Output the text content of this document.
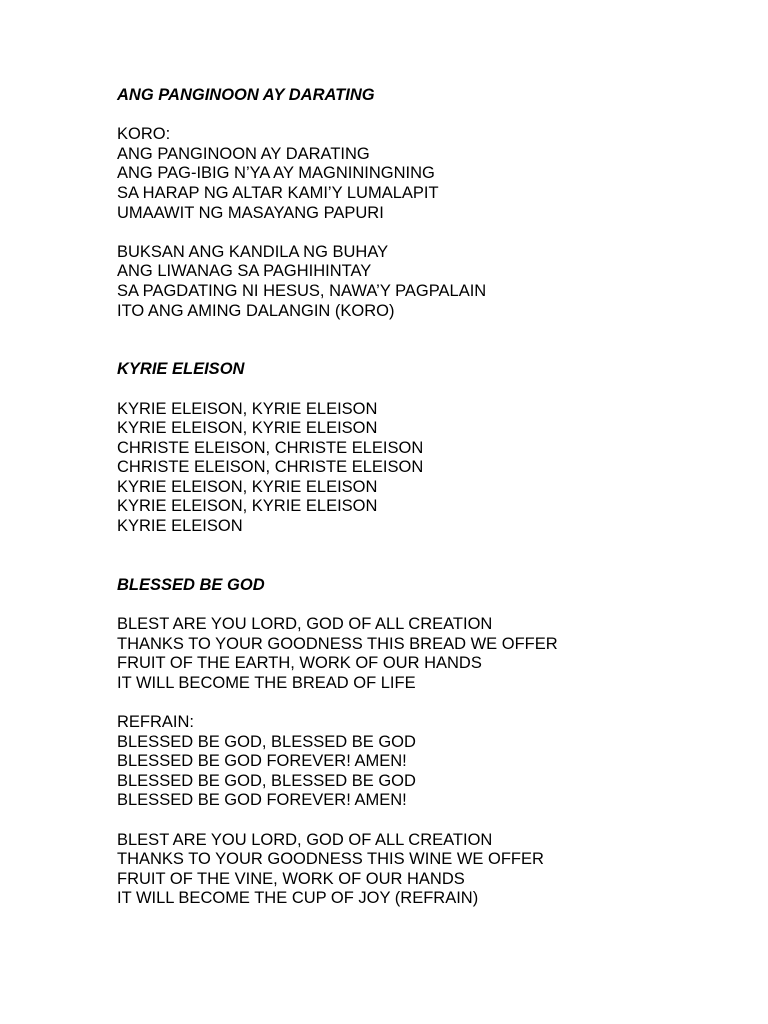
ANG PANGINOON AY DARATING
KORO:
ANG PANGINOON AY DARATING
ANG PAG-IBIG N’YA AY MAGNININGNING
SA HARAP NG ALTAR KAMI’Y LUMALAPIT
UMAAWIT NG MASAYANG PAPURI
BUKSAN ANG KANDILA NG BUHAY
ANG LIWANAG SA PAGHIHINTAY
SA PAGDATING NI HESUS, NAWA’Y PAGPALAIN
ITO ANG AMING DALANGIN (KORO)
KYRIE ELEISON
KYRIE ELEISON, KYRIE ELEISON
KYRIE ELEISON, KYRIE ELEISON
CHRISTE ELEISON, CHRISTE ELEISON
CHRISTE ELEISON, CHRISTE ELEISON
KYRIE ELEISON, KYRIE ELEISON
KYRIE ELEISON, KYRIE ELEISON
KYRIE ELEISON
BLESSED BE GOD
BLEST ARE YOU LORD, GOD OF ALL CREATION
THANKS TO YOUR GOODNESS THIS BREAD WE OFFER
FRUIT OF THE EARTH, WORK OF OUR HANDS
IT WILL BECOME THE BREAD OF LIFE
REFRAIN:
BLESSED BE GOD, BLESSED BE GOD
BLESSED BE GOD FOREVER! AMEN!
BLESSED BE GOD, BLESSED BE GOD
BLESSED BE GOD FOREVER! AMEN!
BLEST ARE YOU LORD, GOD OF ALL CREATION
THANKS TO YOUR GOODNESS THIS WINE WE OFFER
FRUIT OF THE VINE, WORK OF OUR HANDS
IT WILL BECOME THE CUP OF JOY (REFRAIN)
